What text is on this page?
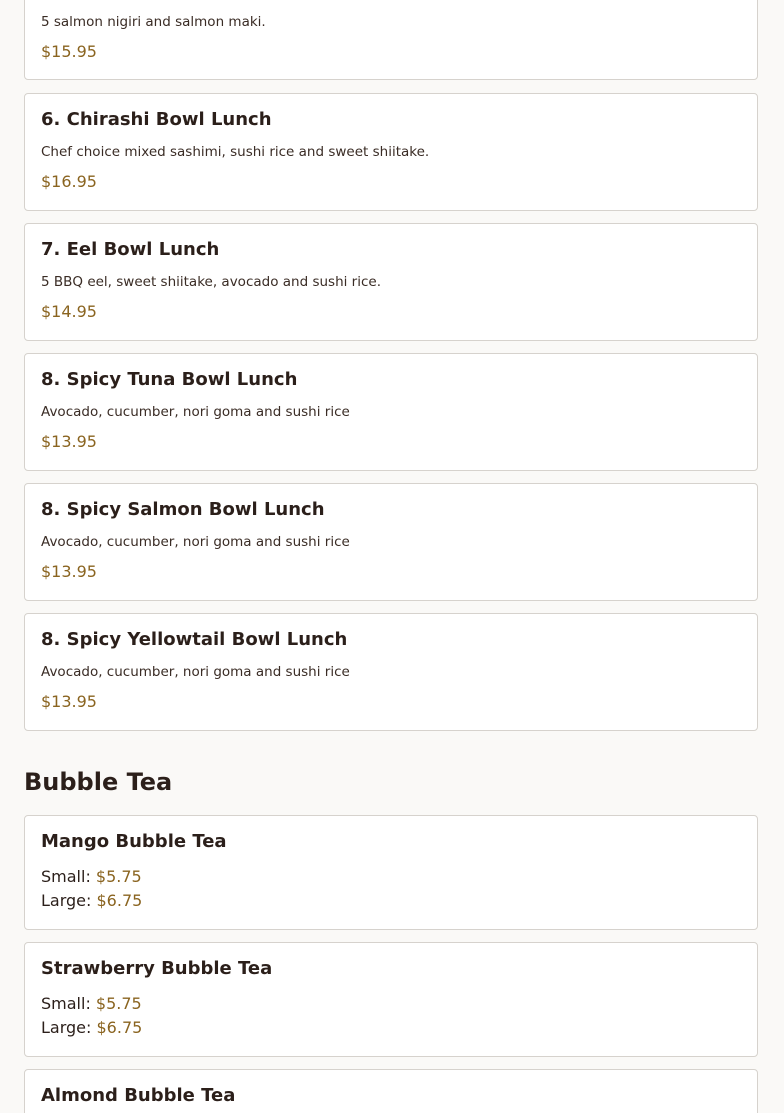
5 salmon nigiri and salmon maki.
$15.95
6. Chirashi Bowl Lunch
Chef choice mixed sashimi, sushi rice and sweet shiitake.
$16.95
7. Eel Bowl Lunch
5 BBQ eel, sweet shiitake, avocado and sushi rice.
$14.95
8. Spicy Tuna Bowl Lunch
Avocado, cucumber, nori goma and sushi rice
$13.95
8. Spicy Salmon Bowl Lunch
Avocado, cucumber, nori goma and sushi rice
$13.95
8. Spicy Yellowtail Bowl Lunch
Avocado, cucumber, nori goma and sushi rice
$13.95
Bubble Tea
Mango Bubble Tea
Small: $5.75
Large: $6.75
Strawberry Bubble Tea
Small: $5.75
Large: $6.75
Almond Bubble Tea
